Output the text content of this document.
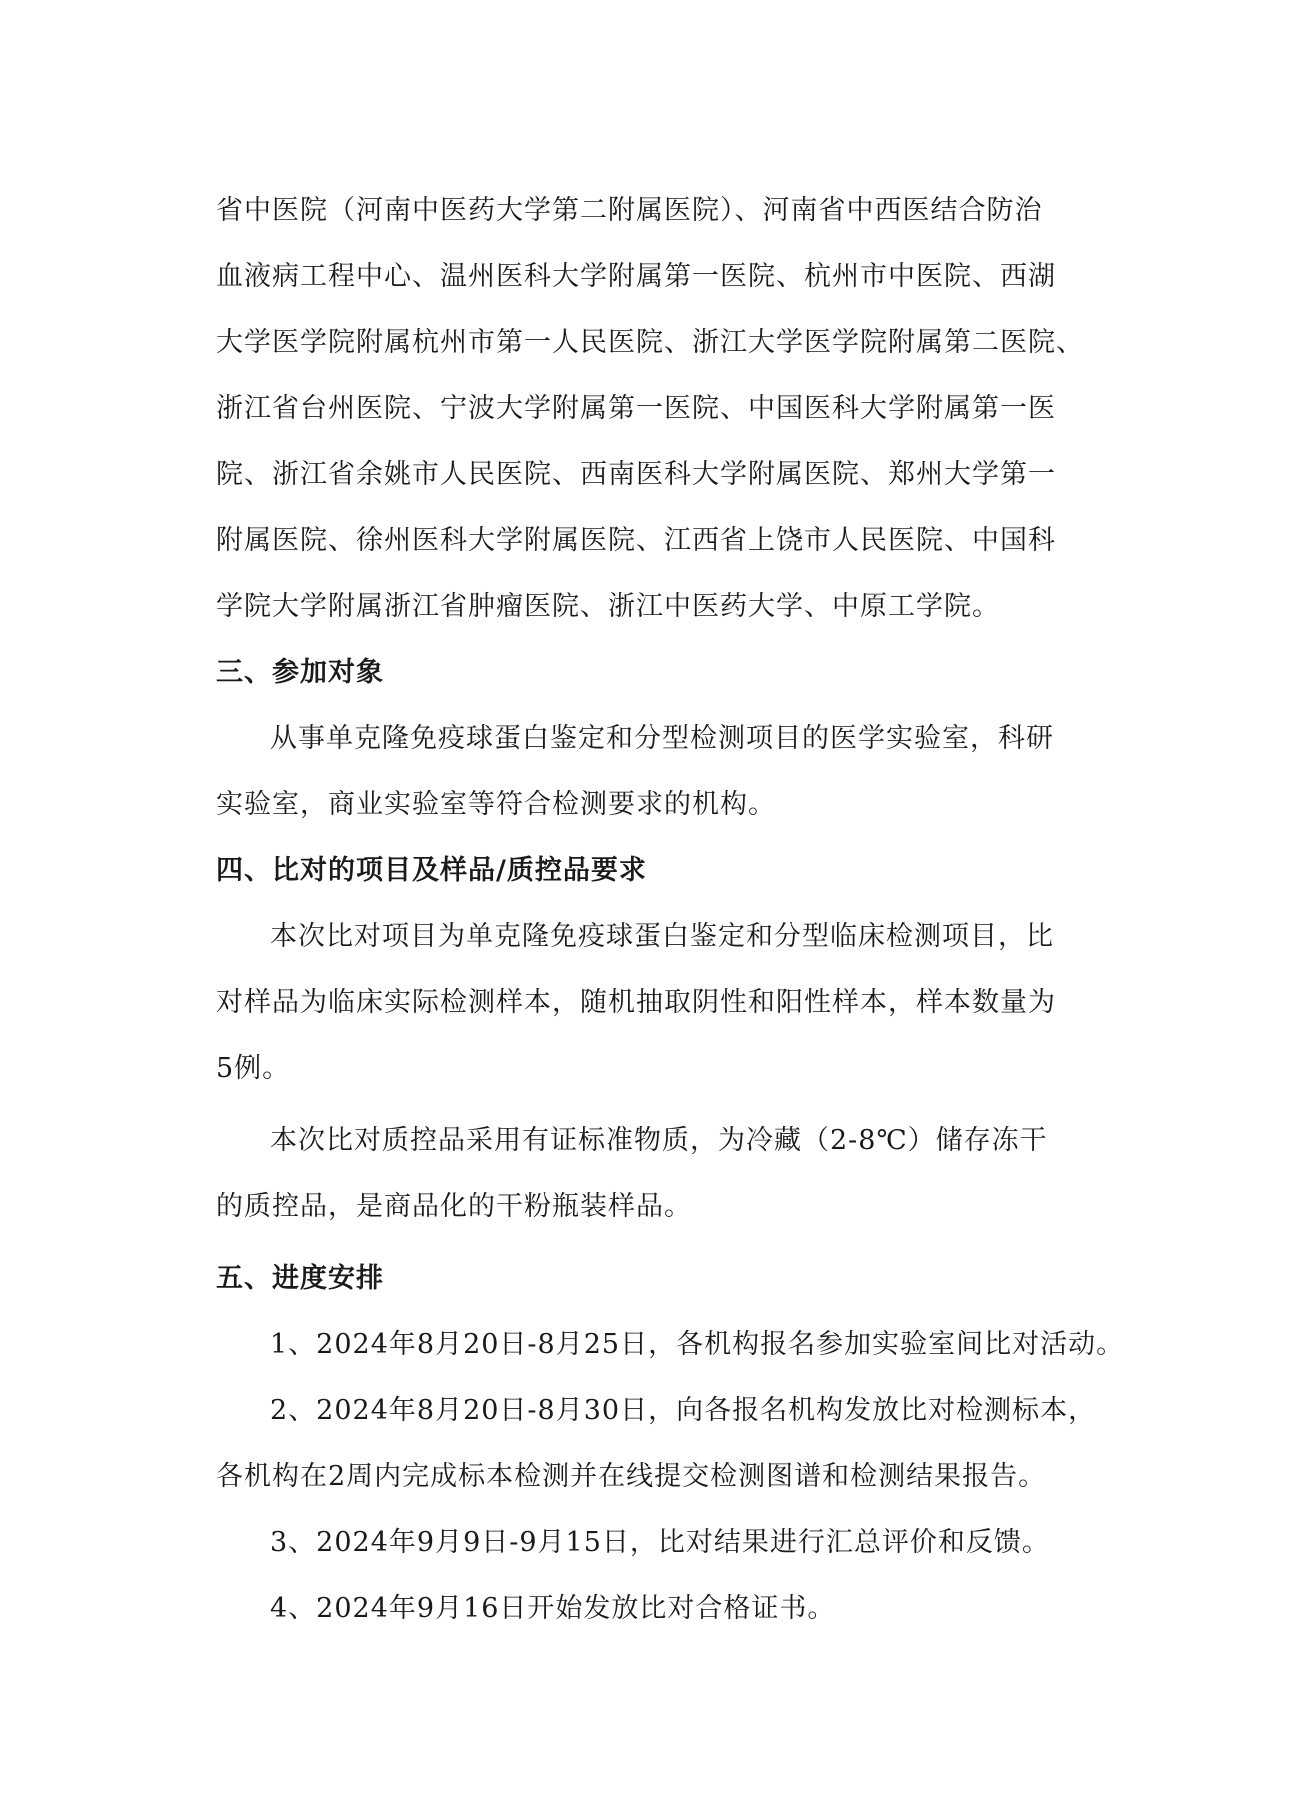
省中医院（河南中医药大学第二附属医院）、河南省中西医结合防治
血液病工程中心、温州医科大学附属第一医院、杭州市中医院、西湖
大学医学院附属杭州市第一人民医院、浙江大学医学院附属第二医院、
浙江省台州医院、宁波大学附属第一医院、中国医科大学附属第一医
院、浙江省余姚市人民医院、西南医科大学附属医院、郑州大学第一
附属医院、徐州医科大学附属医院、江西省上饶市人民医院、中国科
学院大学附属浙江省肿瘤医院、浙江中医药大学、中原工学院。
三、参加对象
从事单克隆免疫球蛋白鉴定和分型检测项目的医学实验室，科研
实验室，商业实验室等符合检测要求的机构。
四、比对的项目及样品/质控品要求
本次比对项目为单克隆免疫球蛋白鉴定和分型临床检测项目，比
对样品为临床实际检测样本，随机抽取阴性和阳性样本，样本数量为
5例。
本次比对质控品采用有证标准物质，为冷藏（2-8℃）储存冻干
的质控品，是商品化的干粉瓶装样品。
五、进度安排
1、2024年8月20日-8月25日，各机构报名参加实验室间比对活动。
2、2024年8月20日-8月30日，向各报名机构发放比对检测标本，
各机构在2周内完成标本检测并在线提交检测图谱和检测结果报告。
3、2024年9月9日-9月15日，比对结果进行汇总评价和反馈。
4、2024年9月16日开始发放比对合格证书。
